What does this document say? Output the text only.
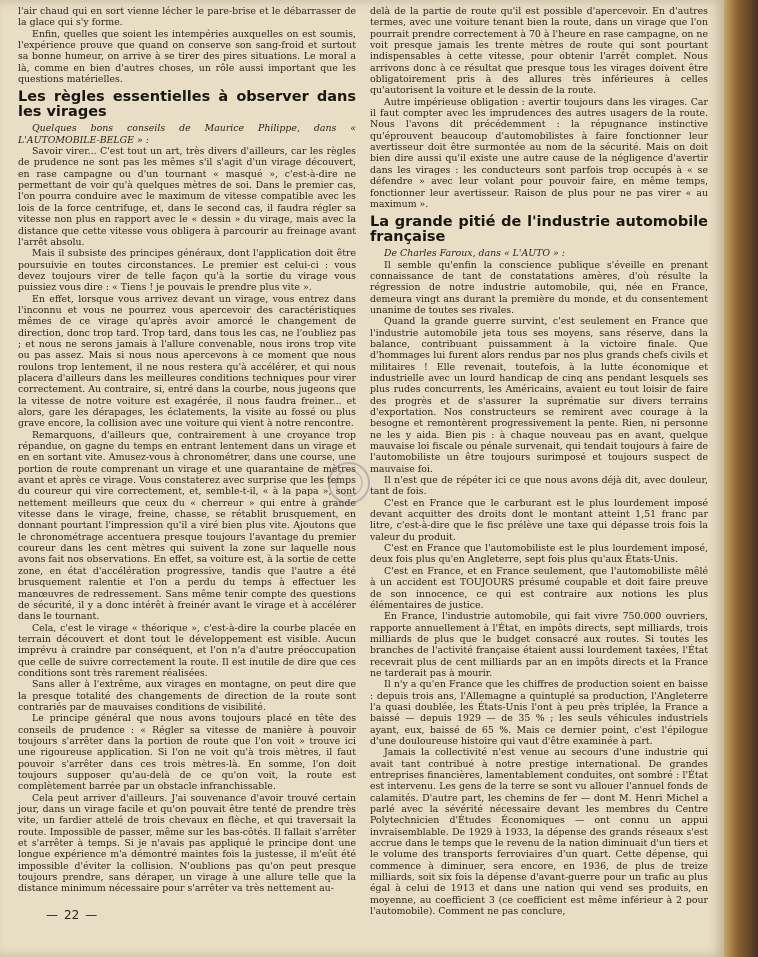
l'air chaud qui en sort vienne lécher le pare-brise et le débarrasser de la glace qui s'y forme.

Enfin, quelles que soient les intempéries auxquelles on est soumis, l'expérience prouve que quand on conserve son sang-froid et surtout sa bonne humeur, on arrive à se tirer des pires situations. Le moral a là, comme en bien d'autres choses, un rôle aussi important que les questions matérielles.

Les règles essentielles à observer dans les virages

Quelques bons conseils de Maurice Philippe, dans « L'AUTOMOBILE-BELGE » :

Savoir virer... C'est tout un art, très divers d'ailleurs, car les règles de prudence ne sont pas les mêmes s'il s'agit d'un virage découvert, en rase campagne ou d'un tournant « masqué », c'est-à-dire ne permettant de voir qu'à quelques mètres de soi. Dans le premier cas, l'on pourra conduire avec le maximum de vitesse compatible avec les lois de la force centrifuge, et, dans le second cas, il faudra régler sa vitesse non plus en rapport avec le « dessin » du virage, mais avec la distance que cette vitesse vous obligera à parcourir au freinage avant l'arrêt absolu.

Mais il subsiste des principes généraux, dont l'application doit être poursuivie en toutes circonstances. Le premier est celui-ci : vous devez toujours virer de telle façon qu'à la sortie du virage vous puissiez vous dire : « Tiens ! je pouvais le prendre plus vite ».

En effet, lorsque vous arrivez devant un virage, vous entrez dans l'inconnu et vous ne pourrez vous apercevoir des caractéristiques mêmes de ce virage qu'après avoir amorcé le changement de direction, donc trop tard. Trop tard, dans tous les cas, ne l'oubliez pas ; et nous ne serons jamais à l'allure convenable, nous irons trop vite ou pas assez. Mais si nous nous apercevons à ce moment que nous roulons trop lentement, il ne nous restera qu'à accélérer, et qui nous placera d'ailleurs dans les meilleures conditions techniques pour virer correctement. Au contraire, si, entré dans la courbe, nous jugeons que la vitesse de notre voiture est exagérée, il nous faudra freiner... et alors, gare les dérapages, les éclatements, la visite au fossé ou plus grave encore, la collision avec une voiture qui vient à notre rencontre.

Remarquons, d'ailleurs que, contrairement à une croyance trop répandue, on gagne du temps en entrant lentement dans un virage et en en sortant vite. Amusez-vous à chronométrer, dans une course, une portion de route comprenant un virage et une quarantaine de mètres avant et après ce virage. Vous constaterez avec surprise que les temps du coureur qui vire correctement, et, semble-t-il, « à la papa », sont nettement meilleurs que ceux du « cherreur » qui entre à grande vitesse dans le virage, freine, chasse, se rétablit brusquement, en donnant pourtant l'impression qu'il a viré bien plus vite. Ajoutons que le chronométrage accentuera presque toujours l'avantage du premier coureur dans les cent mètres qui suivent la zone sur laquelle nous avons fait nos observations. En effet, sa voiture est, à la sortie de cette zone, en état d'accélération progressive, tandis que l'autre a été brusquement ralentie et l'on a perdu du temps à effectuer les manœuvres de redressement. Sans même tenir compte des questions de sécurité, il y a donc intérêt à freinér avant le virage et à accélérer dans le tournant.

Cela, c'est le virage « théorique », c'est-à-dire la courbe placée en terrain découvert et dont tout le développement est visible. Aucun imprévu à craindre par conséquent, et l'on n'a d'autre préoccupation que celle de suivre correctement la route. Il est inutile de dire que ces conditions sont très rarement réalisées.

Sans aller à l'extrême, aux virages en montagne, on peut dire que la presque totalité des changements de direction de la route sont contrariés par de mauvaises conditions de visibilité.

Le principe général que nous avons toujours placé en tête des conseils de prudence : « Régler sa vitesse de manière à pouvoir toujours s'arrêter dans la portion de route que l'on voit » trouve ici une rigoureuse application. Si l'on ne voit qu'à trois mètres, il faut pouvoir s'arrêter dans ces trois mètres-là. En somme, l'on doit toujours supposer qu'au-delà de ce qu'on voit, la route est complètement barrée par un obstacle infranchissable.

Cela peut arriver d'ailleurs. J'ai souvenance d'avoir trouvé certain jour, dans un virage facile et qu'on pouvait être tenté de prendre très vite, un fardier attelé de trois chevaux en flèche, et qui traversait la route. Impossible de passer, même sur les bas-côtés. Il fallait s'arrêter et s'arrêter à temps. Si je n'avais pas appliqué le principe dont une longue expérience m'a démontré maintes fois la justesse, il m'eût été impossible d'éviter la collision. N'oublions pas qu'on peut presque toujours prendre, sans déraper, un virage à une allure telle que la distance minimum nécessaire pour s'arrêter va très nettement au-

delà de la partie de route qu'il est possible d'apercevoir. En d'autres termes, avec une voiture tenant bien la route, dans un virage que l'on pourrait prendre correctement à 70 à l'heure en rase campagne, on ne voit presque jamais les trente mètres de route qui sont pourtant indispensables à cette vitesse, pour obtenir l'arrêt complet. Nous arrivons donc à ce résultat que presque tous les virages doivent être obligatoirement pris à des allures très inférieures à celles qu'autorisent la voiture et le dessin de la route.

Autre impérieuse obligation : avertir toujours dans les virages. Car il faut compter avec les imprudences des autres usagers de la route. Nous l'avons dit précédemment : la répugnance instinctive qu'éprouvent beaucoup d'automobilistes à faire fonctionner leur avertisseur doit être surmontée au nom de la sécurité. Mais on doit bien dire aussi qu'il existe une autre cause de la négligence d'avertir dans les virages : les conducteurs sont parfois trop occupés à « se défendre » avec leur volant pour pouvoir faire, en même temps, fonctionner leur avertisseur. Raison de plus pour ne pas virer « au maximum ».

La grande pitié de l'industrie automobile française

De Charles Faroux, dans « L'AUTO » :

Il semble qu'enfin la conscience publique s'éveille en prenant connaissance de tant de constatations amères, d'où résulte la régression de notre industrie automobile, qui, née en France, demeura vingt ans durant la première du monde, et du consentement unanime de toutes ses rivales.

Quand la grande guerre survint, c'est seulement en France que l'industrie automobile jeta tous ses moyens, sans réserve, dans la balance, contribuant puissamment à la victoire finale. Que d'hommages lui furent alors rendus par nos plus grands chefs civils et militaires ! Elle revenait, toutefois, à la lutte économique et industrielle avec un lourd handicap de cinq ans pendant lesquels ses plus rudes concurrents, les Américains, avaient eu tout loisir de faire des progrès et de s'assurer la suprématie sur divers terrains d'exportation. Nos constructeurs se remirent avec courage à la besogne et remontèrent progressivement la pente. Rien, ni personne ne les y aida. Bien pis : à chaque nouveau pas en avant, quelque mauvaise loi fiscale ou pénale survenait, qui tendait toujours à faire de l'automobiliste un être toujours surimposé et toujours suspect de mauvaise foi.

Il n'est que de répéter ici ce que nous avons déjà dit, avec douleur, tant de fois.

C'est en France que le carburant est le plus lourdement imposé devant acquitter des droits dont le montant atteint 1,51 franc par litre, c'est-à-dire que le fisc prélève une taxe qui dépasse trois fois la valeur du produit.

C'est en France que l'automobiliste est le plus lourdement imposé, deux fois plus qu'en Angleterre, sept fois plus qu'aux États-Unis.

C'est en France, et en France seulement, que l'automobiliste mêlé à un accident est TOUJOURS présumé coupable et doit faire preuve de son innocence, ce qui est contraire aux notions les plus élémentaires de justice.

En France, l'industrie automobile, qui fait vivre 750.000 ouvriers, rapporte annuellement à l'État, en impôts directs, sept milliards, trois milliards de plus que le budget consacré aux routes. Si toutes les branches de l'activité française étaient aussi lourdement taxées, l'État recevrait plus de cent milliards par an en impôts directs et la France ne tarderait pas à mourir.

Il n'y a qu'en France que les chiffres de production soient en baisse : depuis trois ans, l'Allemagne a quintuplé sa production, l'Angleterre l'a quasi doublée, les États-Unis l'ont à peu près triplée, la France a baissé — depuis 1929 — de 35 % ; les seuls véhicules industriels ayant, eux, baissé de 65 %. Mais ce dernier point, c'est l'épilogue d'une douloureuse histoire qui vaut d'être examinée à part.

Jamais la collectivité n'est venue au secours d'une industrie qui avait tant contribué à notre prestige international. De grandes entreprises financières, lamentablement conduites, ont sombré : l'État est intervenu. Les gens de la terre se sont vu allouer l'annuel fonds de calamités. D'autre part, les chemins de fer — dont M. Henri Michel a parlé avec la sévérité nécessaire devant les membres du Centre Polytechnicien d'Études Économiques — ont connu un appui invraisemblable. De 1929 à 1933, la dépense des grands réseaux s'est accrue dans le temps que le revenu de la nation diminuait d'un tiers et le volume des transports ferroviaires d'un quart. Cette dépense, qui commence à diminuer, sera encore, en 1936, de plus de treize milliards, soit six fois la dépense d'avant-guerre pour un trafic au plus égal à celui de 1913 et dans une nation qui vend ses produits, en moyenne, au coefficient 3 (ce coefficient est même inférieur à 2 pour l'automobile). Comment ne pas conclure,

— 22 —
